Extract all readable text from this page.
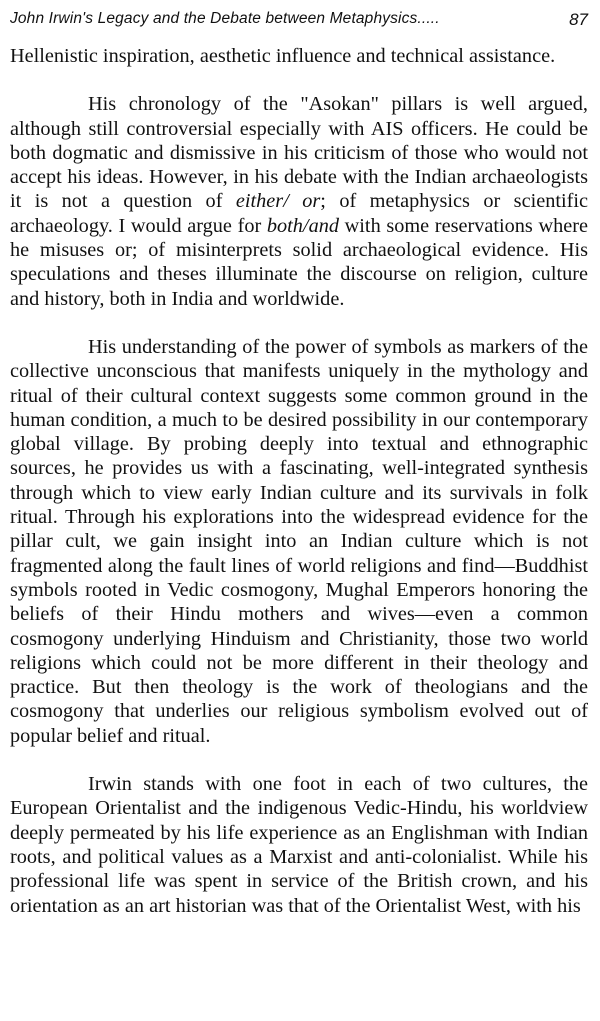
John Irwin's Legacy and the Debate between Metaphysics.....	87

Hellenistic inspiration, aesthetic influence and technical assistance.

His chronology of the "Asokan" pillars is well argued, although still controversial especially with AIS officers. He could be both dogmatic and dismissive in his criticism of those who would not accept his ideas. However, in his debate with the Indian archaeologists it is not a question of either/ or; of metaphysics or scientific archaeology. I would argue for both/and with some reservations where he misuses or; of misinterprets solid archaeological evidence. His speculations and theses illuminate the discourse on religion, culture and history, both in India and worldwide.

His understanding of the power of symbols as markers of the collective unconscious that manifests uniquely in the mythology and ritual of their cultural context suggests some common ground in the human condition, a much to be desired possibility in our contemporary global village. By probing deeply into textual and ethnographic sources, he provides us with a fascinating, well-integrated synthesis through which to view early Indian culture and its survivals in folk ritual. Through his explorations into the widespread evidence for the pillar cult, we gain insight into an Indian culture which is not fragmented along the fault lines of world religions and find—Buddhist symbols rooted in Vedic cosmogony, Mughal Emperors honoring the beliefs of their Hindu mothers and wives—even a common cosmogony underlying Hinduism and Christianity, those two world religions which could not be more different in their theology and practice. But then theology is the work of theologians and the cosmogony that underlies our religious symbolism evolved out of popular belief and ritual.

Irwin stands with one foot in each of two cultures, the European Orientalist and the indigenous Vedic-Hindu, his worldview deeply permeated by his life experience as an Englishman with Indian roots, and political values as a Marxist and anti-colonialist. While his professional life was spent in service of the British crown, and his orientation as an art historian was that of the Orientalist West, with his
